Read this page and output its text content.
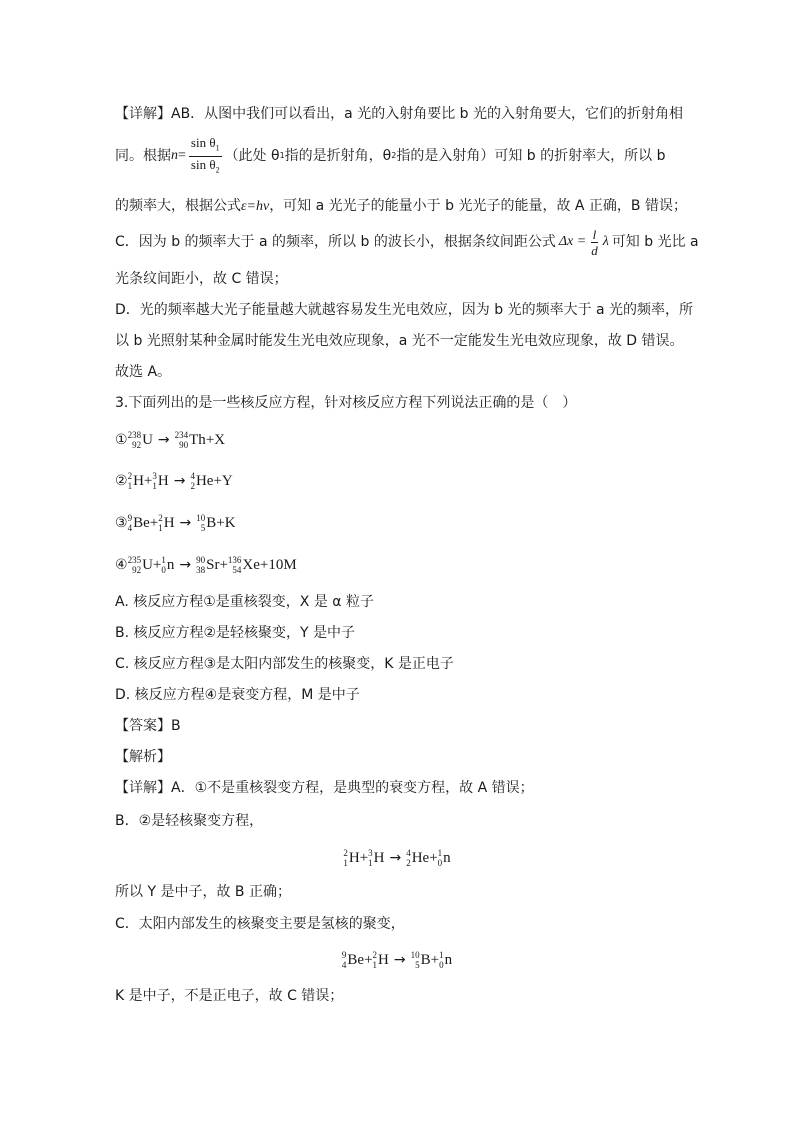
【详解】AB．从图中我们可以看出，a 光的入射角要比 b 光的入射角要大，它们的折射角相
同。根据 $n = \frac{\sin \theta_1}{\sin \theta_2}$ （此处 θ 1 指的是折射角，θ 2 指的是入射角）可知 b 的折射率大，所以 b
的频率大，根据公式ε=hν，可知 a 光光子的能量小于 b 光光子的能量，故 A 正确，B 错误；
C．因为 b 的频率大于 a 的频率，所以 b 的波长小，根据条纹间距公式 $\Delta x = \frac{l}{d}$ λ 可知 b 光比 a
光条纹间距小，故 C 错误；
D．光的频率越大光子能量越大就越容易发生光电效应，因为 b 光的频率大于 a 光的频率，所
以 b 光照射某种金属时能发生光电效应现象，a 光不一定能发生光电效应现象，故 D 错误。
故选 A。
3.下面列出的是一些核反应方程，针对核反应方程下列说法正确的是（　）
① 238
92 U → 234
90 Th +X
② 2
1 H + 3
1 H → 4
2 He +Y
③ 9
4 Be + 2
1 H → 10
5 B +K
④ 235
92 U + 1
0 n → 90
38 Sr + 136
54 Xe +10M
A. 核反应方程①是重核裂变，X 是 α 粒子
B. 核反应方程②是轻核聚变，Y 是中子
C. 核反应方程③是太阳内部发生的核聚变，K 是正电子
D. 核反应方程④是衰变方程，M 是中子
【答案】B
【解析】
【详解】A．①不是重核裂变方程，是典型的衰变方程，故 A 错误；
B．②是轻核聚变方程，
2
1 H + 3
1 H → 4
2 He + 1
0 n
所以 Y 是中子，故 B 正确；
C．太阳内部发生的核聚变主要是氢核的聚变，
9
4 Be + 2
1 H → 10
5 B + 1
0 n
K 是中子，不是正电子，故 C 错误；
